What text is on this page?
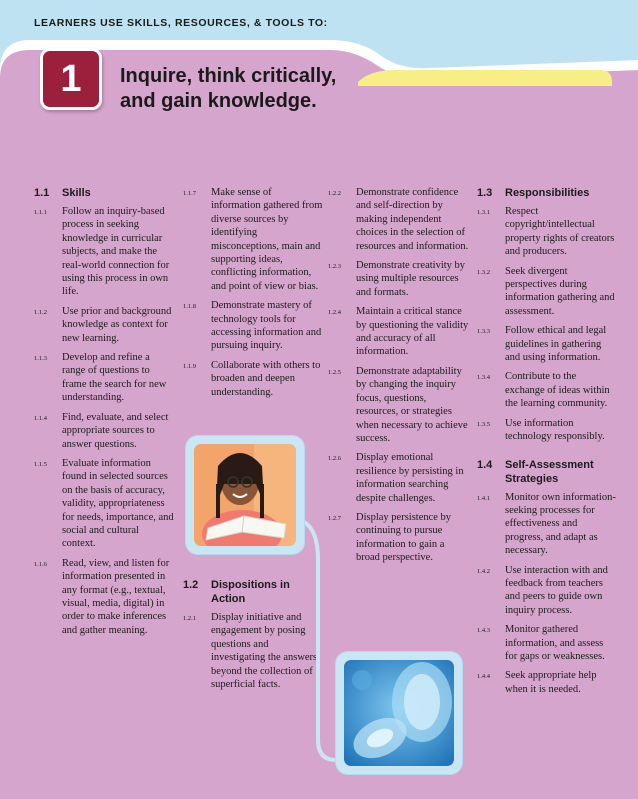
LEARNERS USE SKILLS, RESOURCES, & TOOLS TO:
1 Inquire, think critically,
and gain knowledge.
1.1	Skills
1.1.1	Follow an inquiry-based process in seeking knowledge in curricular subjects, and make the real-world connection for using this process in own life.
1.1.2	Use prior and background knowledge as context for new learning.
1.1.3	Develop and refine a range of questions to frame the search for new understanding.
1.1.4	Find, evaluate, and select appropriate sources to answer questions.
1.1.5	Evaluate information found in selected sources on the basis of accuracy, validity, appropriateness for needs, importance, and social and cultural context.
1.1.6	Read, view, and listen for information presented in any format (e.g., textual, visual, media, digital) in order to make inferences and gather meaning.
1.1.7	Make sense of information gathered from diverse sources by identifying misconceptions, main and supporting ideas, conflicting information, and point of view or bias.
1.1.8	Demonstrate mastery of technology tools for accessing information and pursuing inquiry.
1.1.9	Collaborate with others to broaden and deepen understanding.
1.2	Dispositions in Action
1.2.1	Display initiative and engagement by posing questions and investigating the answers beyond the collection of superficial facts.
1.2.2	Demonstrate confidence and self-direction by making independent choices in the selection of resources and information.
1.2.3	Demonstrate creativity by using multiple resources and formats.
1.2.4	Maintain a critical stance by questioning the validity and accuracy of all information.
1.2.5	Demonstrate adaptability by changing the inquiry focus, questions, resources, or strategies when necessary to achieve success.
1.2.6	Display emotional resilience by persisting in information searching despite challenges.
1.2.7	Display persistence by continuing to pursue information to gain a broad perspective.
1.3	Responsibilities
1.3.1	Respect copyright/intellectual property rights of creators and producers.
1.3.2	Seek divergent perspectives during information gathering and assessment.
1.3.3	Follow ethical and legal guidelines in gathering and using information.
1.3.4	Contribute to the exchange of ideas within the learning community.
1.3.5	Use information technology responsibly.
1.4	Self-Assessment Strategies
1.4.1	Monitor own information-seeking processes for effectiveness and progress, and adapt as necessary.
1.4.2	Use interaction with and feedback from teachers and peers to guide own inquiry process.
1.4.3	Monitor gathered information, and assess for gaps or weaknesses.
1.4.4	Seek appropriate help when it is needed.
